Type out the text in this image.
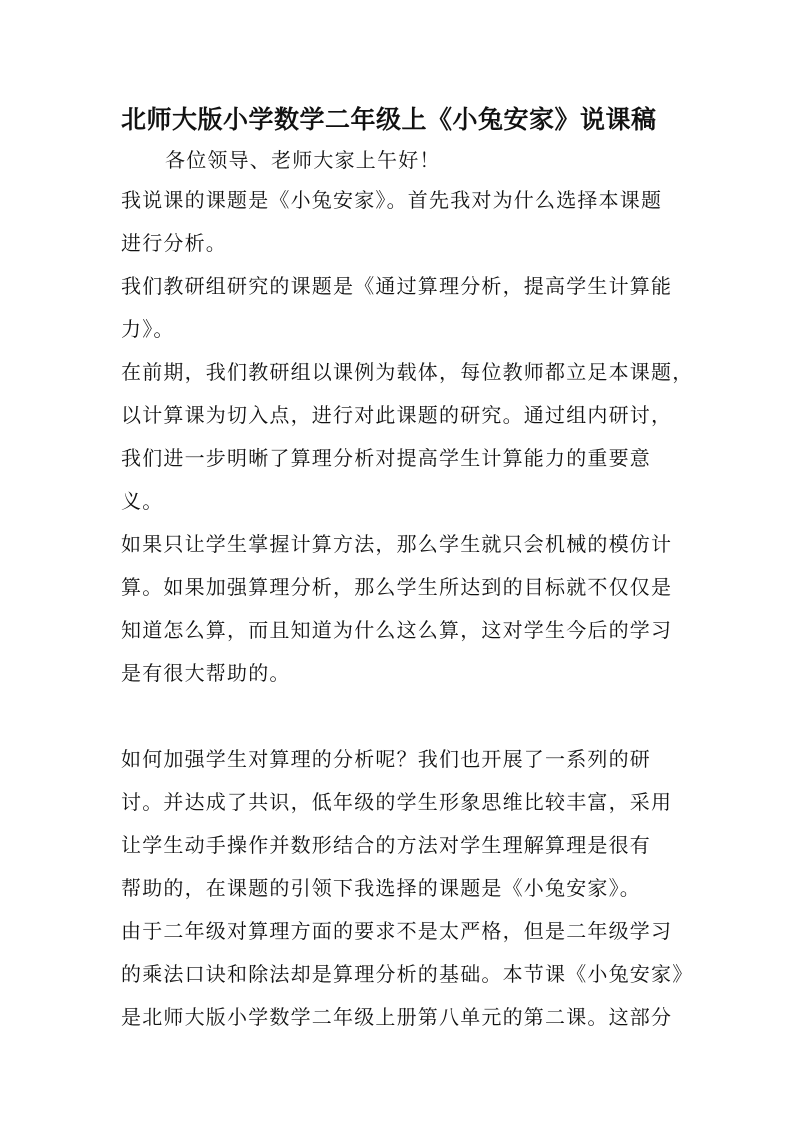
北师大版小学数学二年级上《小兔安家》说课稿
各位领导、老师大家上午好！
我说课的课题是《小兔安家》。首先我对为什么选择本课题
进行分析。
我们教研组研究的课题是《通过算理分析，提高学生计算能
力》。
在前期，我们教研组以课例为载体，每位教师都立足本课题，
以计算课为切入点，进行对此课题的研究。通过组内研讨，
我们进一步明晰了算理分析对提高学生计算能力的重要意
义。
如果只让学生掌握计算方法，那么学生就只会机械的模仿计
算。如果加强算理分析，那么学生所达到的目标就不仅仅是
知道怎么算，而且知道为什么这么算，这对学生今后的学习
是有很大帮助的。
如何加强学生对算理的分析呢？我们也开展了一系列的研
讨。并达成了共识，低年级的学生形象思维比较丰富，采用
让学生动手操作并数形结合的方法对学生理解算理是很有
帮助的，在课题的引领下我选择的课题是《小兔安家》。
由于二年级对算理方面的要求不是太严格，但是二年级学习
的乘法口诀和除法却是算理分析的基础。本节课《小兔安家》
是北师大版小学数学二年级上册第八单元的第二课。这部分
